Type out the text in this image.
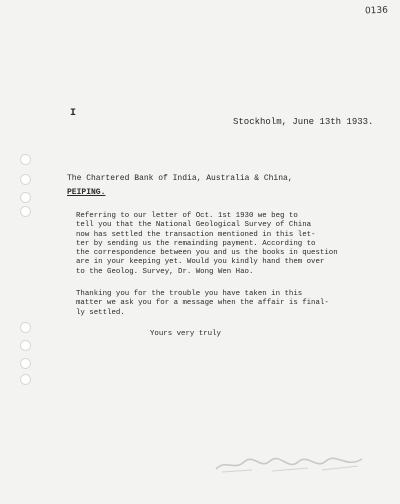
0136
I
Stockholm, June 13th 1933.
The Chartered Bank of India, Australia & China,
PEIPING.
Referring to our letter of Oct. 1st 1930 we beg to
tell you that the National Geological Survey of China
now has settled the transaction mentioned in this let-
ter by sending us the remainding payment. According to
the correspondence between you and us the books in question
are in your keeping yet. Would you kindly hand them over
to the Geolog. Survey, Dr. Wong Wen Hao.
Thanking you for the trouble you have taken in this
matter we ask you for a message when the affair is final-
ly settled.
Yours very truly
